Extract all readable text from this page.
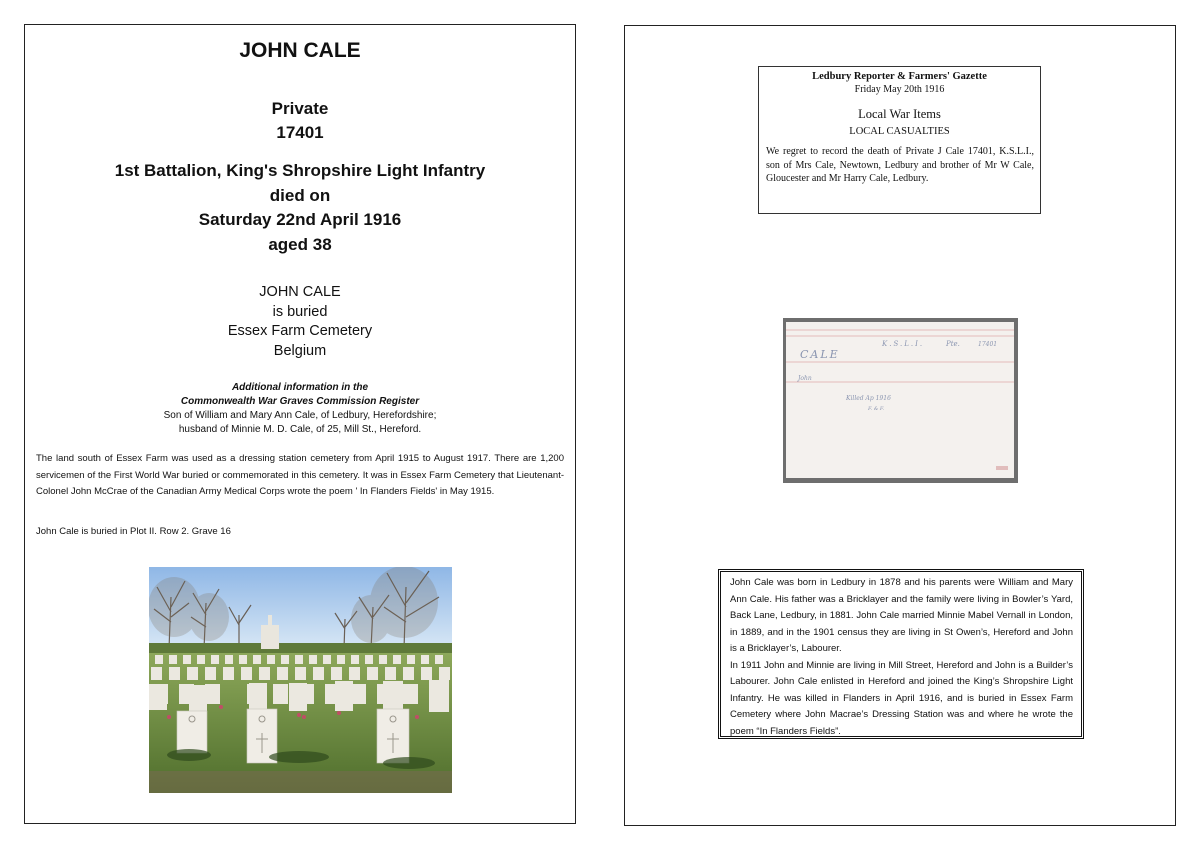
JOHN CALE
Private
17401
1st Battalion, King's Shropshire Light Infantry
died on
Saturday 22nd April 1916
aged 38
JOHN CALE
is buried
Essex Farm Cemetery
Belgium
Additional information in the
Commonwealth War Graves Commission Register
Son of William and Mary Ann Cale, of Ledbury, Herefordshire;
husband of Minnie M. D. Cale, of 25, Mill St., Hereford.
The land south of Essex Farm was used as a dressing station cemetery from April 1915 to August 1917. There are 1,200 servicemen of the First World War buried or commemorated in this cemetery. It was in Essex Farm Cemetery that Lieutenant-Colonel John McCrae of the Canadian Army Medical Corps wrote the poem ' In Flanders Fields' in May 1915.
John Cale is buried in Plot II. Row 2. Grave 16
Ledbury Reporter & Farmers' Gazette
Friday May 20th 1916
Local War Items
LOCAL CASUALTIES
We regret to record the death of Private J Cale 17401, K.S.L.I., son of Mrs Cale, Newtown, Ledbury and brother of Mr W Cale, Gloucester and Mr Harry Cale, Ledbury.
CALE
K.S.L.I.	Pte.	17401
John
Killed Ap 1916
F. & F.

John Cale was born in Ledbury in 1878 and his parents were William and Mary Ann Cale. His father was a Bricklayer and the family were living in Bowler’s Yard, Back Lane, Ledbury, in 1881. John Cale married Minnie Mabel Vernall in London, in 1889, and in the 1901 census they are living in St Owen’s, Hereford and John is a Bricklayer’s, Labourer.

In 1911 John and Minnie are living in Mill Street, Hereford and John is a Builder’s Labourer. John Cale enlisted in Hereford and joined the King’s Shropshire Light Infantry. He was killed in Flanders in April 1916, and is buried in Essex Farm Cemetery where John Macrae’s Dressing Station was and where he wrote the poem “In Flanders Fields”.
